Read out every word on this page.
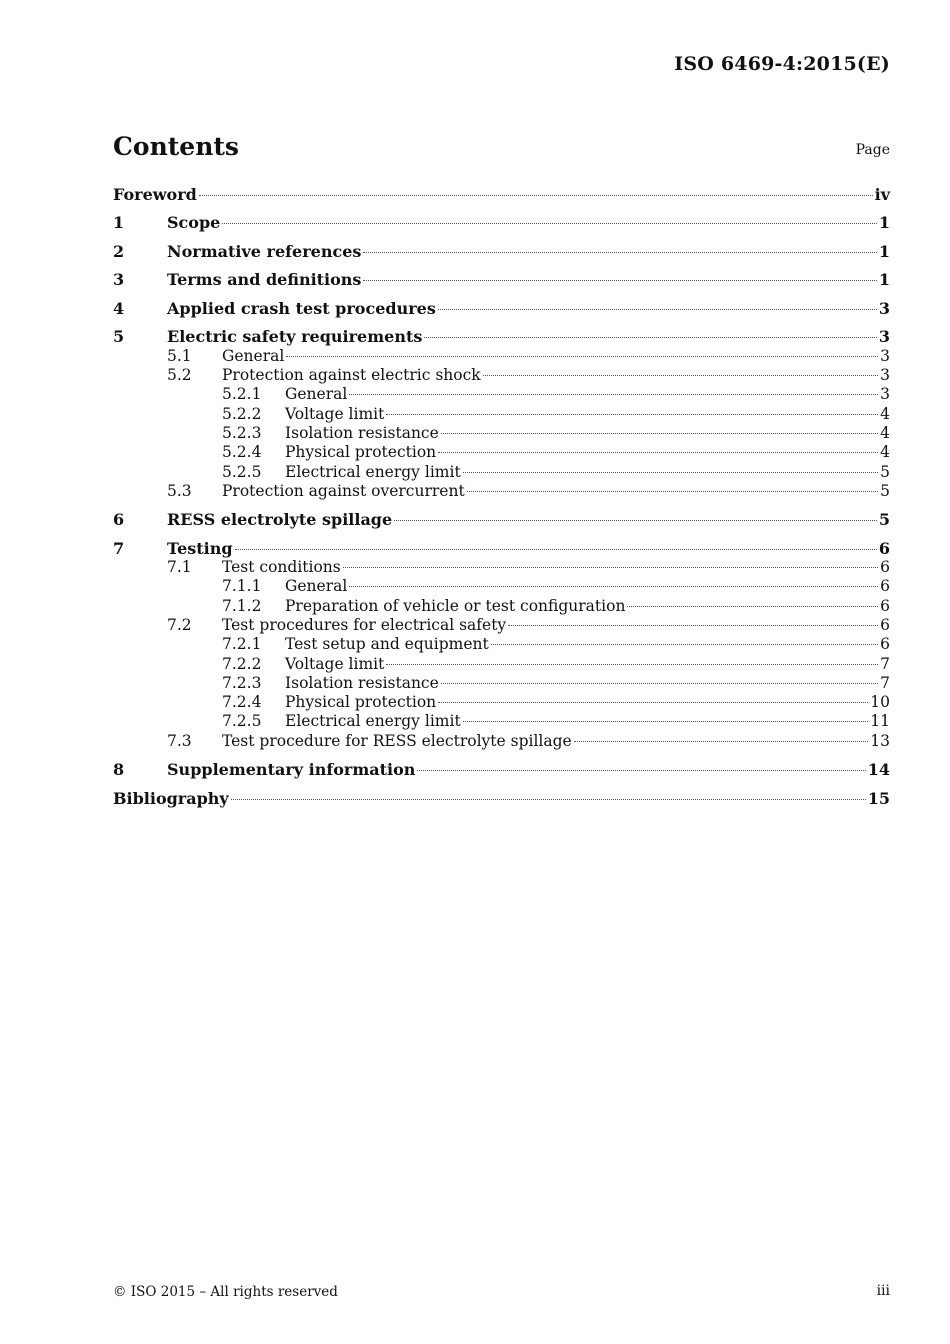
ISO 6469-4:2015(E)
Contents	Page
Foreword	iv
1	Scope	1
2	Normative references	1
3	Terms and definitions	1
4	Applied crash test procedures	3
5	Electric safety requirements	3
5.1	General	3
5.2	Protection against electric shock	3
5.2.1	General	3
5.2.2	Voltage limit	4
5.2.3	Isolation resistance	4
5.2.4	Physical protection	4
5.2.5	Electrical energy limit	5
5.3	Protection against overcurrent	5
6	RESS electrolyte spillage	5
7	Testing	6
7.1	Test conditions	6
7.1.1	General	6
7.1.2	Preparation of vehicle or test configuration	6
7.2	Test procedures for electrical safety	6
7.2.1	Test setup and equipment	6
7.2.2	Voltage limit	7
7.2.3	Isolation resistance	7
7.2.4	Physical protection	10
7.2.5	Electrical energy limit	11
7.3	Test procedure for RESS electrolyte spillage	13
8	Supplementary information	14
Bibliography	15
© ISO 2015 – All rights reserved	iii
